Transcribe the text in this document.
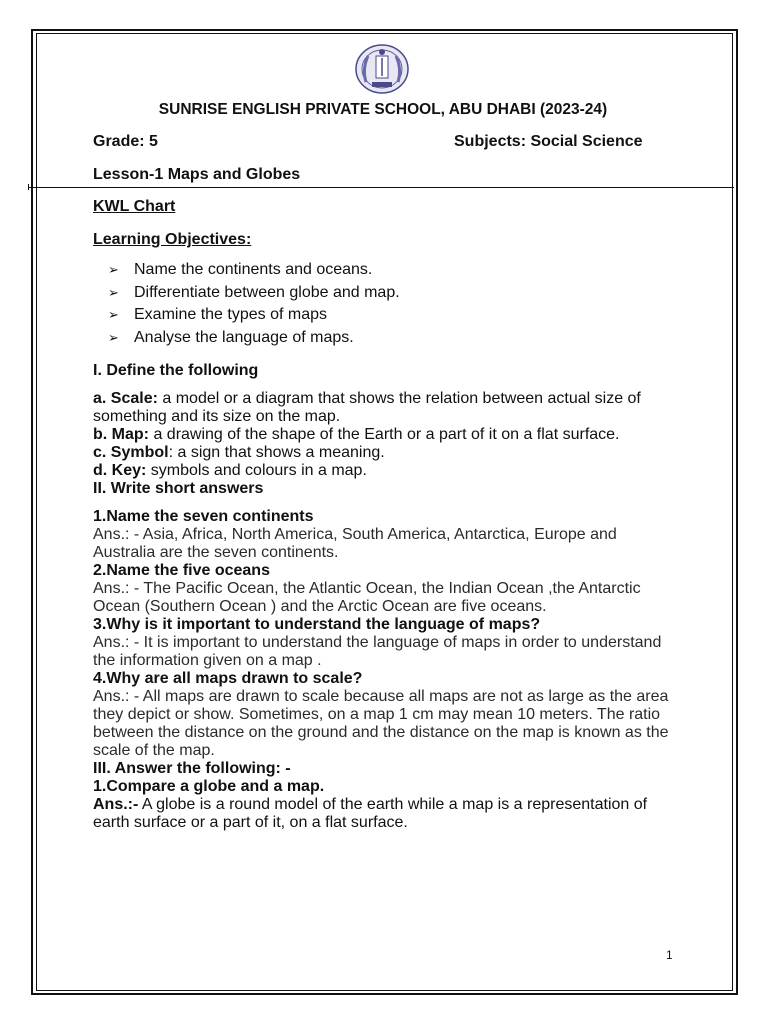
SUNRISE ENGLISH PRIVATE SCHOOL, ABU DHABI (2023-24)
Grade: 5	Subjects: Social Science
Lesson-1 Maps and Globes
KWL Chart
Learning Objectives:
➢ Name the continents and oceans.
➢ Differentiate between globe and map.
➢ Examine the types of maps
➢ Analyse the language of maps.

I. Define the following

a. Scale: a model or a diagram that shows the relation between actual size of something and its size on the map.

b. Map: a drawing of the shape of the Earth or a part of it on a flat surface.

c. Symbol: a sign that shows a meaning.

d. Key: symbols and colours in a map.

II. Write short answers

1.Name the seven continents

Ans.: - Asia, Africa, North America, South America, Antarctica, Europe and Australia are the seven continents.

2.Name the five oceans

Ans.: - The Pacific Ocean, the Atlantic Ocean, the Indian Ocean ,the Antarctic Ocean (Southern Ocean ) and the Arctic Ocean are five oceans.

3.Why is it important to understand the language of maps?

Ans.: - It is important to understand the language of maps in order to understand the information given on a map .

4.Why are all maps drawn to scale?

Ans.: - All maps are drawn to scale because all maps are not as large as the area they depict or show. Sometimes, on a map 1 cm may mean 10 meters. The ratio between the distance on the ground and the distance on the map is known as the scale of the map.

III. Answer the following: -

1.Compare a globe and a map.

Ans.:- A globe is a round model of the earth while a map is a representation of earth surface or a part of it, on a flat surface.

1
